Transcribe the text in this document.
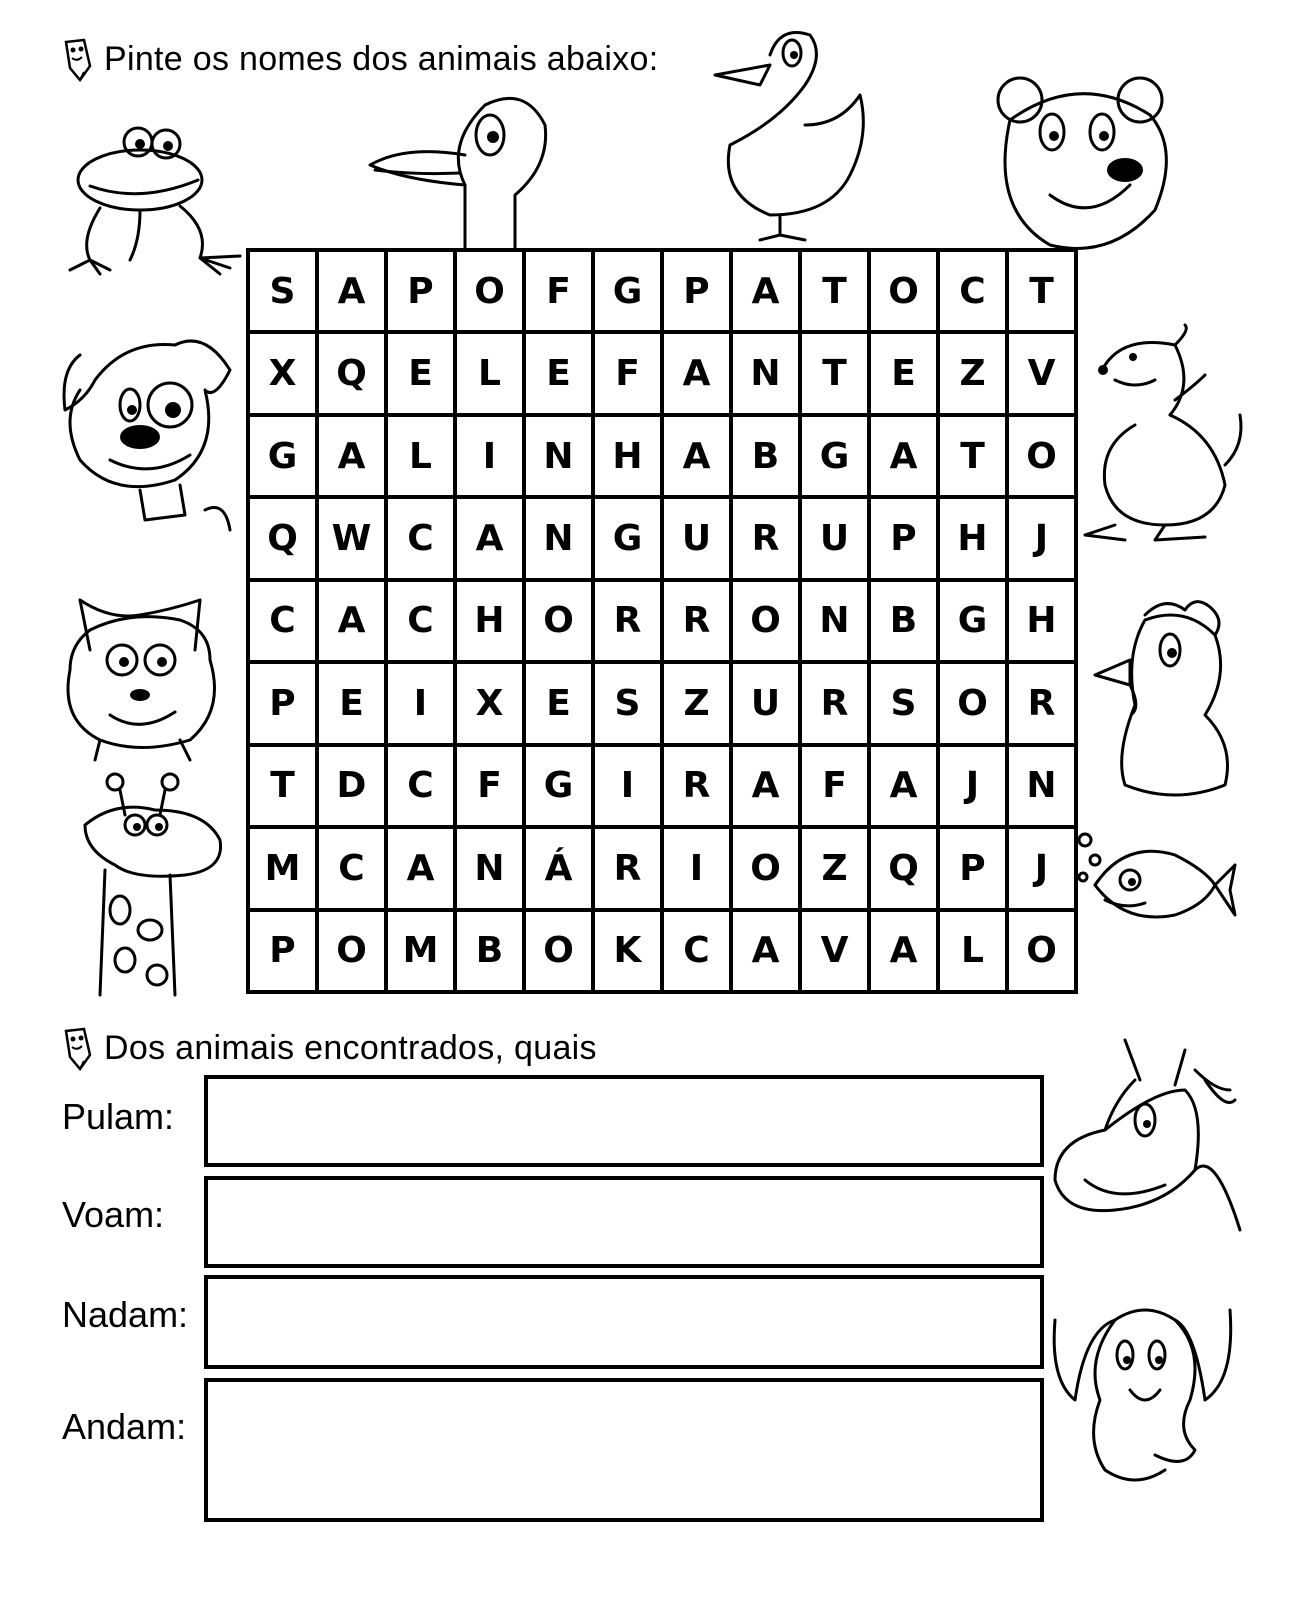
Pinte os nomes dos animais abaixo:
S	A	P	O	F	G	P	A	T	O	C	T
X	Q	E	L	E	F	A	N	T	E	Z	V
G	A	L	I	N	H	A	B	G	A	T	O
Q W C	A	N	G	U	R	U	P	H	J
C	A	C	H	O	R	R	O	N	B	G	H
P	E	I	X	E	S	Z	U	R	S	O	R
T	D	C	F	G	I	R	A	F	A	J	N
M	C	A	N	Á	R	I	O	Z	Q	P	J
P	O M	B	O	K	C	A	V	A	L	O
Dos animais encontrados, quais
Pulam:
Voam:
Nadam:
Andam:
